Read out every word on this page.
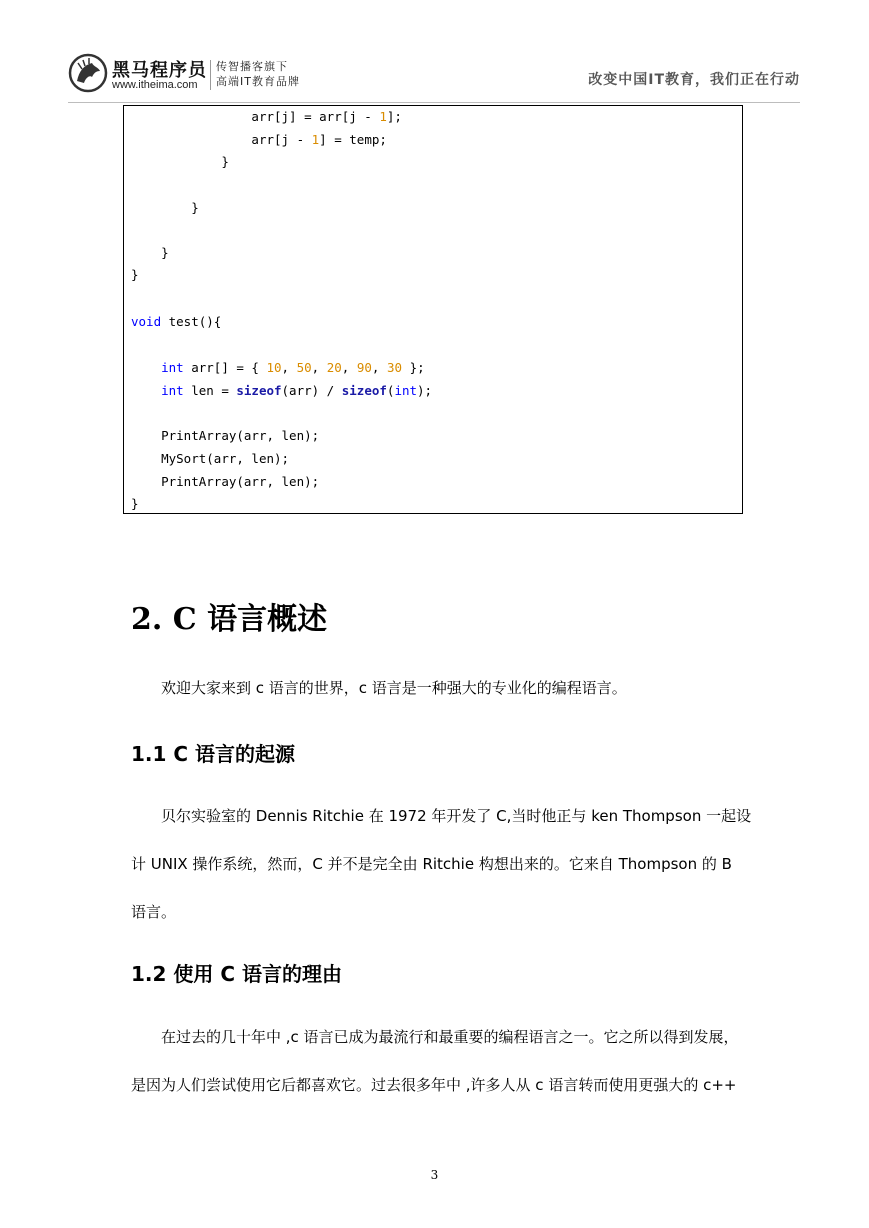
黑马程序员
www.itheima.com
传智播客旗下
高端IT教育品牌	改变中国IT教育，我们正在行动
arr[j] = arr[j - 1];
arr[j - 1] = temp;
}
}
}
}
void test(){
int arr[] = { 10, 50, 20, 90, 30 };
int len = sizeof(arr) / sizeof(int);
PrintArray(arr, len);
MySort(arr, len);
PrintArray(arr, len);
}
2. C 语言概述
欢迎大家来到 c 语言的世界，c 语言是一种强大的专业化的编程语言。
1.1 C 语言的起源
贝尔实验室的 Dennis Ritchie 在 1972 年开发了 C,当时他正与 ken Thompson 一起设
计 UNIX 操作系统，然而，C 并不是完全由 Ritchie 构想出来的。它来自 Thompson 的 B
语言。
1.2 使用 C 语言的理由
在过去的几十年中 ,c 语言已成为最流行和最重要的编程语言之一。它之所以得到发展，
是因为人们尝试使用它后都喜欢它。过去很多年中 ,许多人从 c 语言转而使用更强大的 c++
3
